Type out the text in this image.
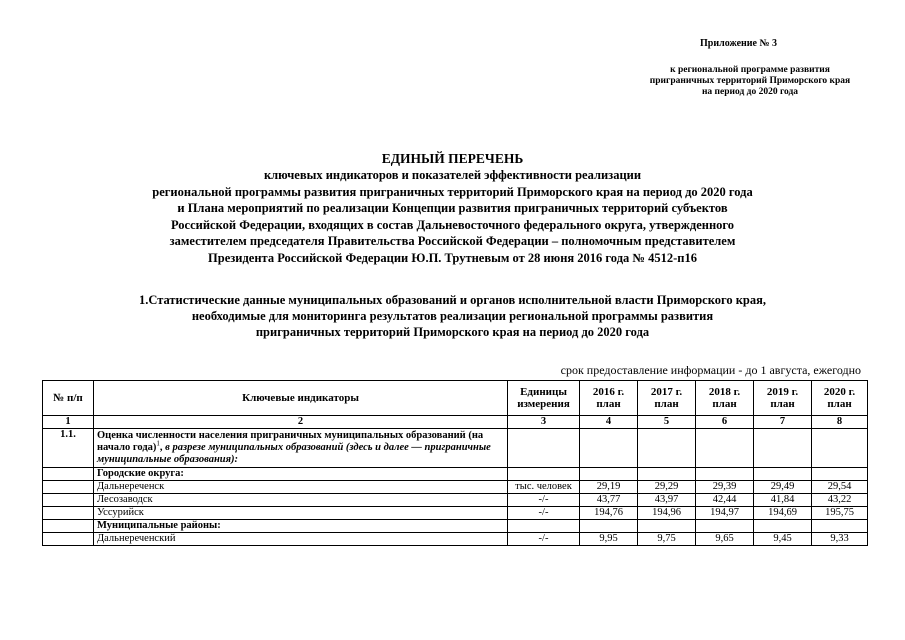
Приложение № 3
к региональной программе развития
приграничных территорий Приморского края
на период до 2020 года
ЕДИНЫЙ ПЕРЕЧЕНЬ
ключевых индикаторов и показателей эффективности реализации
региональной программы развития приграничных территорий Приморского края на период до 2020 года
и Плана мероприятий по реализации Концепции развития приграничных территорий субъектов
Российской Федерации, входящих в состав Дальневосточного федерального округа, утвержденного
заместителем председателя Правительства Российской Федерации – полномочным представителем
Президента Российской Федерации Ю.П. Трутневым от 28 июня 2016 года № 4512-п16
1.Статистические данные муниципальных образований и органов исполнительной власти Приморского края,
необходимые для мониторинга результатов реализации региональной программы развития
приграничных территорий Приморского края на период до 2020 года
срок предоставление информации - до 1 августа, ежегодно
№ п/п	Ключевые индикаторы	Единицы измерения	2016 г. план	2017 г. план	2018 г. план	2019 г. план	2020 г. план
1	2	3	4	5	6	7	8
1.1.	Оценка численности населения приграничных муниципальных образований (на начало года)$^1$, в разрезе муниципальных образований (здесь и далее — приграничные муниципальные образования):						
	Городские округа:						
	Дальнереченск	тыс. человек	29,19	29,29	29,39	29,49	29,54
	Лесозаводск	-/-	43,77	43,97	42,44	41,84	43,22
	Уссурийск	-/-	194,76	194,96	194,97	194,69	195,75
	Муниципальные районы:						
	Дальнереченский	-/-	9,95	9,75	9,65	9,45	9,33
